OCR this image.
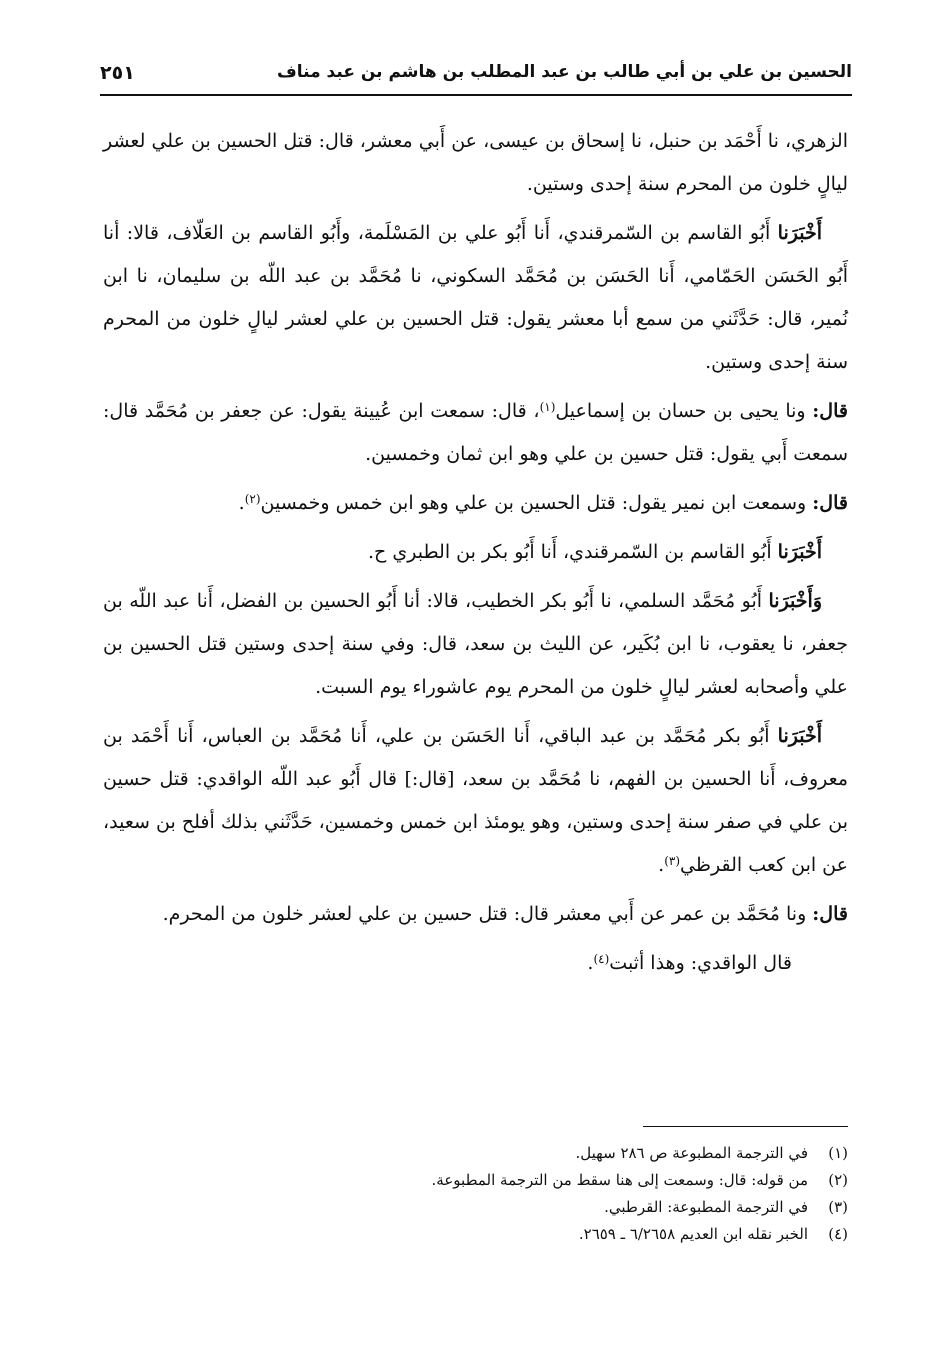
الحسين بن علي بن أبي طالب بن عبد المطلب بن هاشم بن عبد مناف
٢٥١

الزهري، نا أَحْمَد بن حنبل، نا إسحاق بن عيسى، عن أَبي معشر، قال: قتل الحسين بن علي لعشر ليالٍ خلون من المحرم سنة إحدى وستين.

أَخْبَرَنا أَبُو القاسم بن السّمرقندي، أَنا أَبُو علي بن المَسْلَمة، وأَبُو القاسم بن العَلّاف، قالا: أنا أَبُو الحَسَن الحَمّامي، أَنا الحَسَن بن مُحَمَّد السكوني، نا مُحَمَّد بن عبد اللّه بن سليمان، نا ابن نُمير، قال: حَدَّثَني من سمع أبا معشر يقول: قتل الحسين بن علي لعشر ليالٍ خلون من المحرم سنة إحدى وستين.

قال: ونا يحيى بن حسان بن إسماعيل$^{(١)}$، قال: سمعت ابن عُيينة يقول: عن جعفر بن مُحَمَّد قال: سمعت أَبي يقول: قتل حسين بن علي وهو ابن ثمان وخمسين.

قال: وسمعت ابن نمير يقول: قتل الحسين بن علي وهو ابن خمس وخمسين$^{(٢)}$.

أَخْبَرَنا أَبُو القاسم بن السّمرقندي، أَنا أَبُو بكر بن الطبري ح.

وَأَخْبَرَنا أَبُو مُحَمَّد السلمي، نا أَبُو بكر الخطيب، قالا: أنا أَبُو الحسين بن الفضل، أَنا عبد اللّه بن جعفر، نا يعقوب، نا ابن بُكَير، عن الليث بن سعد، قال: وفي سنة إحدى وستين قتل الحسين بن علي وأصحابه لعشر ليالٍ خلون من المحرم يوم عاشوراء يوم السبت.

أَخْبَرَنا أَبُو بكر مُحَمَّد بن عبد الباقي، أَنا الحَسَن بن علي، أَنا مُحَمَّد بن العباس، أَنا أَحْمَد بن معروف، أَنا الحسين بن الفهم، نا مُحَمَّد بن سعد، [قال:] قال أَبُو عبد اللّه الواقدي: قتل حسين بن علي في صفر سنة إحدى وستين، وهو يومئذ ابن خمس وخمسين، حَدَّثَني بذلك أفلح بن سعيد، عن ابن كعب القرظي$^{(٣)}$.

قال: ونا مُحَمَّد بن عمر عن أَبي معشر قال: قتل حسين بن علي لعشر خلون من المحرم.

قال الواقدي: وهذا أثبت$^{(٤)}$.

(١)
في الترجمة المطبوعة ص ٢٨٦ سهيل.
(٢)
من قوله: قال: وسمعت إلى هنا سقط من الترجمة المطبوعة.
(٣)
في الترجمة المطبوعة: القرطبي.
(٤)
الخبر نقله ابن العديم ٦/٢٦٥٨ ـ ٢٦٥٩.
